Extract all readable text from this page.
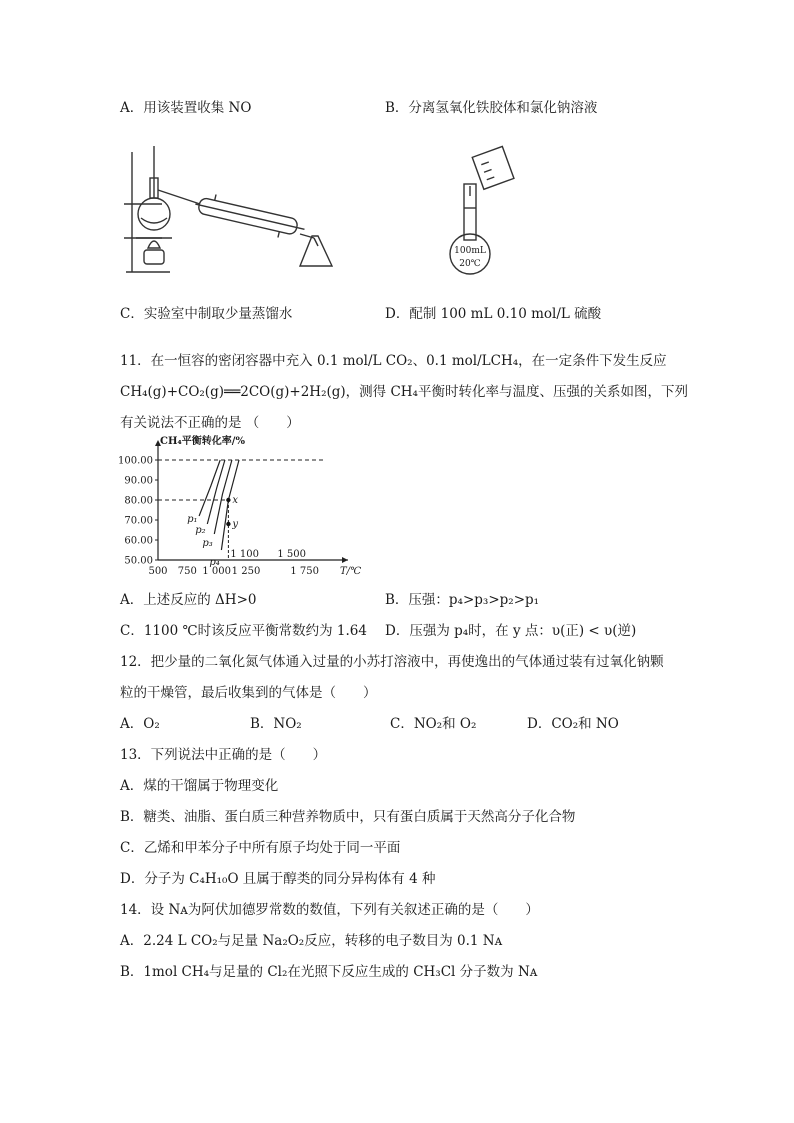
A．用该装置收集 NO	B．分离氢氧化铁胶体和氯化钠溶液
100mL
20℃
C．实验室中制取少量蒸馏水	D．配制 100 mL 0.10 mol/L 硫酸
11．在一恒容的密闭容器中充入 0.1 mol/L CO₂、0.1 mol/LCH₄，在一定条件下发生反应
CH₄(g)+CO₂(g)══2CO(g)+2H₂(g)，测得 CH₄平衡时转化率与温度、压强的关系如图，下列
有关说法不正确的是 （　　）
CH₄平衡转化率/%
50.00
60.00
70.00
80.00
90.00
100.00
500 750 1 000 1 250	1 750
1 100 1 500
T/℃
p₁
p₂
p₃
p₄
x
y
A．上述反应的 ΔH>0	B．压强：p₄>p₃>p₂>p₁
C．1100 ℃时该反应平衡常数约为 1.64 D．压强为 p₄时，在 y 点：υ(正) < υ(逆)
12．把少量的二氧化氮气体通入过量的小苏打溶液中，再使逸出的气体通过装有过氧化钠颗
粒的干燥管，最后收集到的气体是（　　）
A．O₂	B．NO₂	C．NO₂和 O₂	D．CO₂和 NO
13．下列说法中正确的是（　　）
A．煤的干馏属于物理变化
B．糖类、油脂、蛋白质三种营养物质中，只有蛋白质属于天然高分子化合物
C．乙烯和甲苯分子中所有原子均处于同一平面
D．分子为 C₄H₁₀O 且属于醇类的同分异构体有 4 种
14．设 Nᴀ为阿伏加德罗常数的数值，下列有关叙述正确的是（　　）
A．2.24 L CO₂与足量 Na₂O₂反应，转移的电子数目为 0.1 Nᴀ
B．1mol CH₄与足量的 Cl₂在光照下反应生成的 CH₃Cl 分子数为 Nᴀ
